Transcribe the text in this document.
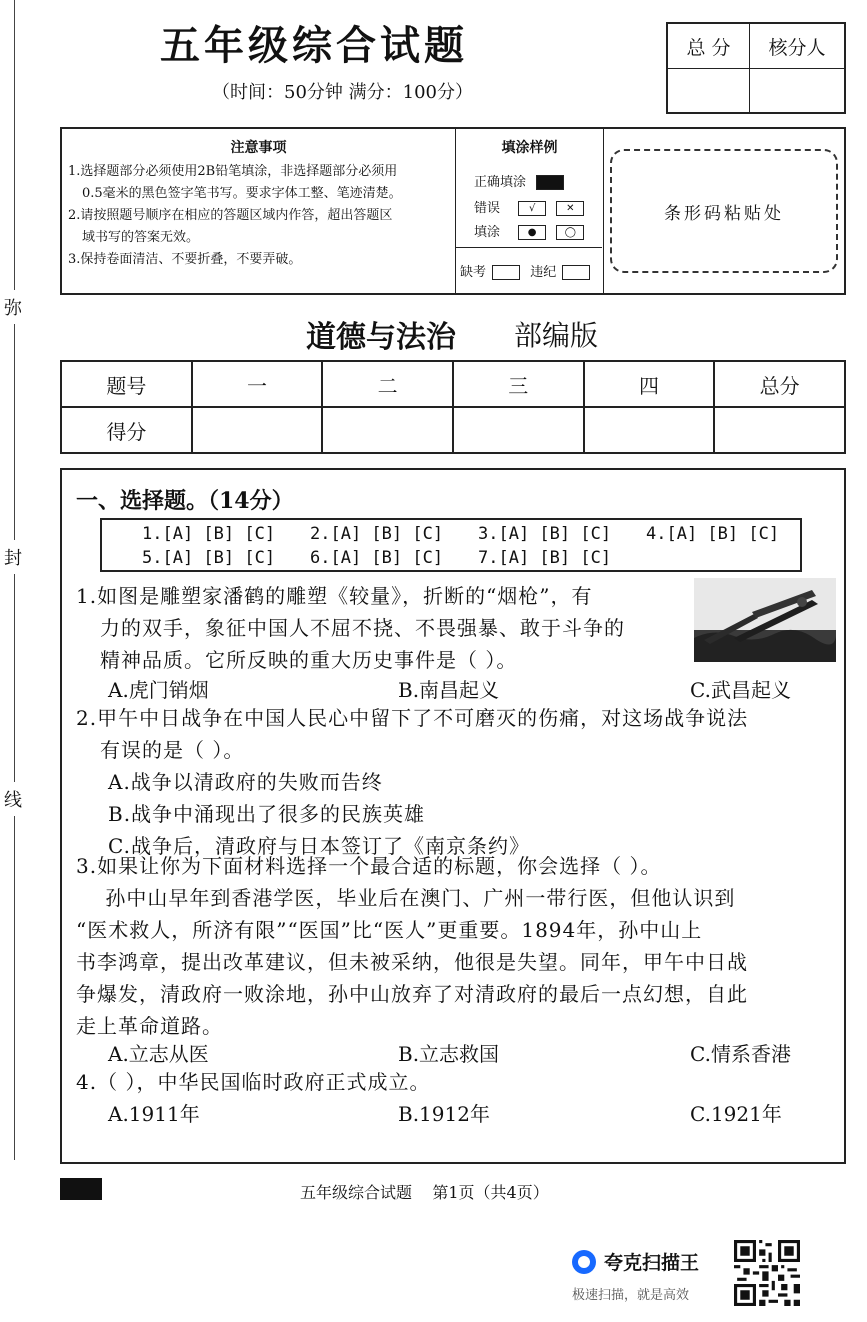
弥
封
线
五年级综合试题
（时间：50分钟 满分：100分）
总 分	核分人
注意事项
1.选择题部分必须使用2B铅笔填涂，非选择题部分必须用
0.5毫米的黑色签字笔书写。要求字体工整、笔迹清楚。
2.请按照题号顺序在相应的答题区域内作答，超出答题区
域书写的答案无效。
3.保持卷面清洁、不要折叠，不要弄破。
填涂样例
正确填涂
错误	√	✕
填涂	●	◯
缺考	违纪
条形码粘贴处
道德与法治 部编版
题号	一	二	三	四	总分
得分					
一、选择题。（14分）
1.[A] [B] [C] 2.[A] [B] [C] 3.[A] [B] [C] 4.[A] [B] [C]
5.[A] [B] [C] 6.[A] [B] [C] 7.[A] [B] [C]
1.如图是雕塑家潘鹤的雕塑《较量》，折断的“烟枪”，有
力的双手，象征中国人不屈不挠、不畏强暴、敢于斗争的
精神品质。它所反映的重大历史事件是（ ）。
A.虎门销烟	B.南昌起义	C.武昌起义
2.甲午中日战争在中国人民心中留下了不可磨灭的伤痛，对这场战争说法
有误的是（ ）。
A.战争以清政府的失败而告终
B.战争中涌现出了很多的民族英雄
C.战争后，清政府与日本签订了《南京条约》
3.如果让你为下面材料选择一个最合适的标题，你会选择（ ）。
孙中山早年到香港学医，毕业后在澳门、广州一带行医，但他认识到
“医术救人，所济有限”“医国”比“医人”更重要。1894年，孙中山上
书李鸿章，提出改革建议，但未被采纳，他很是失望。同年，甲午中日战
争爆发，清政府一败涂地，孙中山放弃了对清政府的最后一点幻想，自此
走上革命道路。
A.立志从医	B.立志救国	C.情系香港
4.（ ），中华民国临时政府正式成立。
A.1911年	B.1912年	C.1921年
五年级综合试题    第1页（共4页）
夸克扫描王
极速扫描，就是高效
